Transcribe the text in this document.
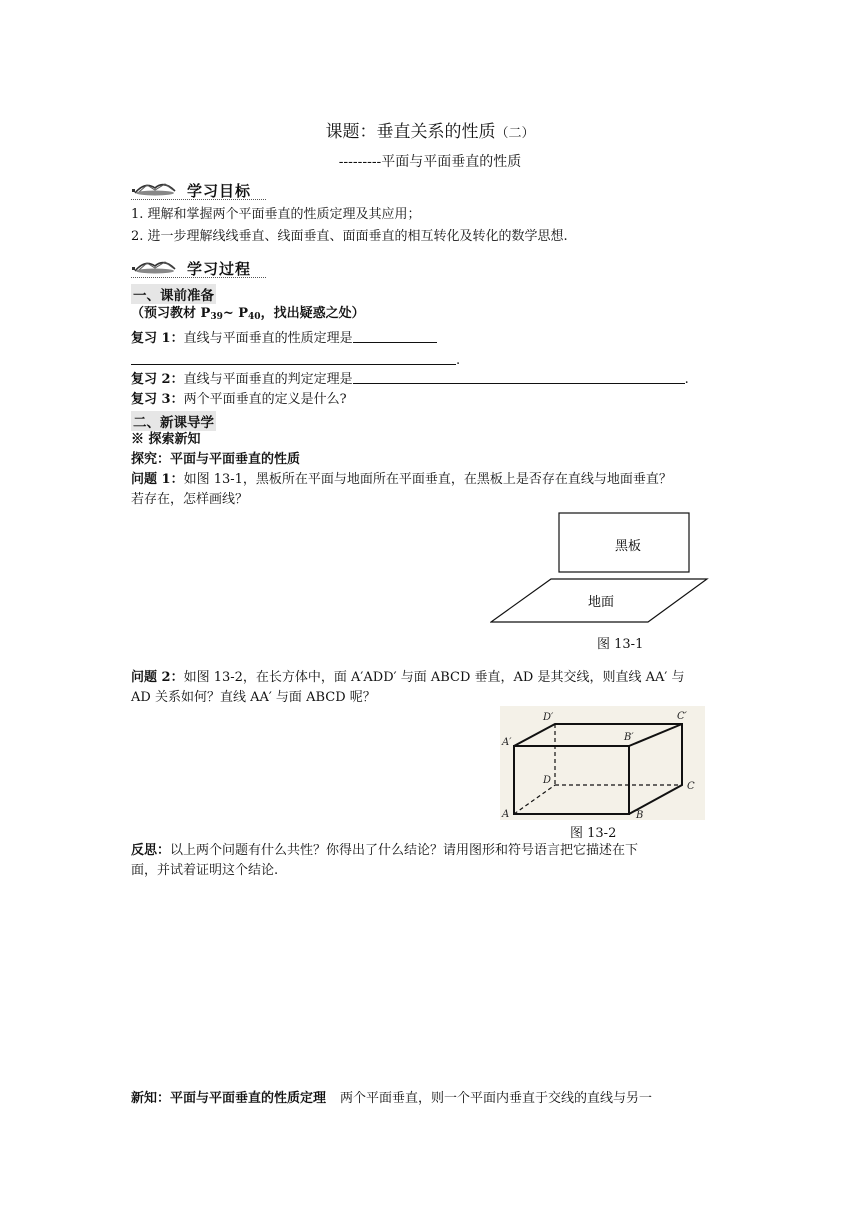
课题：垂直关系的性质（二）
---------平面与平面垂直的性质
学习目标
1. 理解和掌握两个平面垂直的性质定理及其应用；
2. 进一步理解线线垂直、线面垂直、面面垂直的相互转化及转化的数学思想.
学习过程
一、课前准备
（预习教材 $P_{39}\sim$ $P_{40}$，找出疑惑之处）
复习 1：直线与平面垂直的性质定理是
.
复习 2：直线与平面垂直的判定定理是	.
复习 3：两个平面垂直的定义是什么?
二、新课导学
※ 探索新知
探究：平面与平面垂直的性质
问题 1：如图 13-1，黑板所在平面与地面所在平面垂直，在黑板上是否存在直线与地面垂直？
若存在，怎样画线？
黑板
地面
图 13-1
问题 2：如图 13-2，在长方体中，面 A′ADD′ 与面 ABCD 垂直，AD 是其交线，则直线 AA′ 与
AD 关系如何？直线 AA′ 与面 ABCD 呢？
A	B
C
D
A′	B′
C′
D′
图 13-2
反思：以上两个问题有什么共性？你得出了什么结论？请用图形和符号语言把它描述在下
面，并试着证明这个结论.
新知：平面与平面垂直的性质定理 两个平面垂直，则一个平面内垂直于交线的直线与另一
